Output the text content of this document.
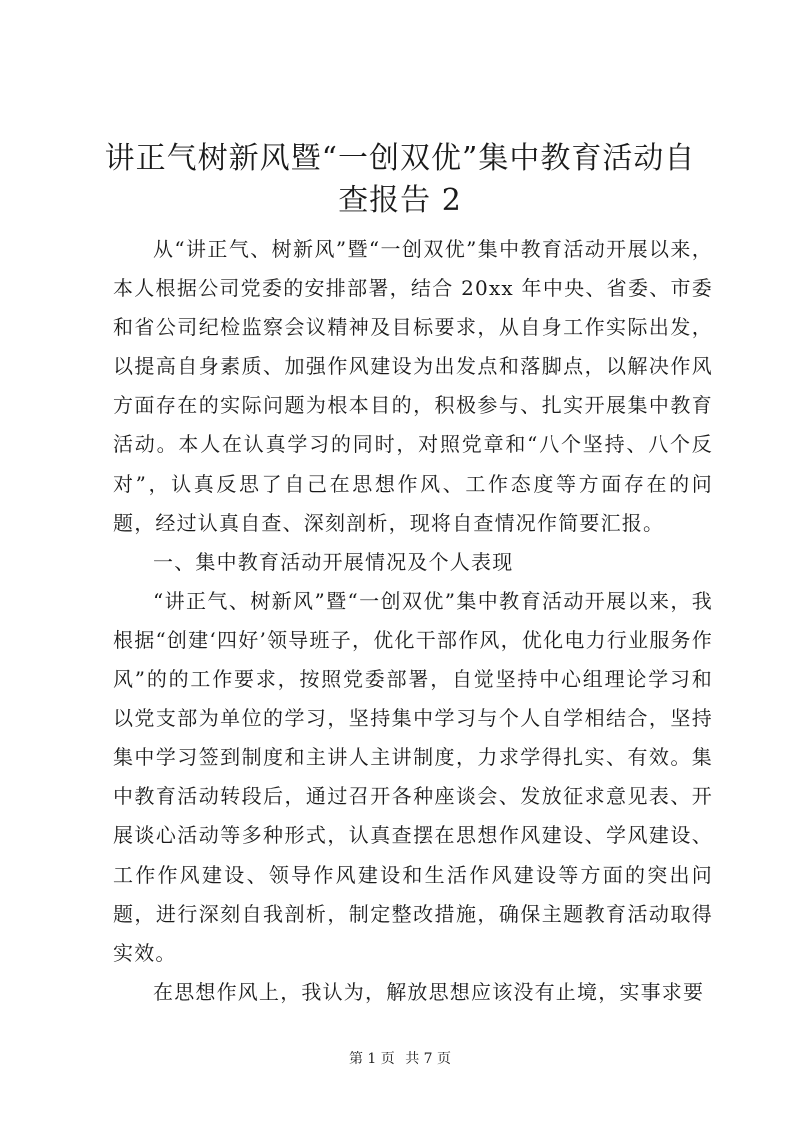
讲正气树新风暨“一创双优”集中教育活动自查报告 2

从“讲正气、树新风”暨“一创双优”集中教育活动开展以来，本人根据公司党委的安排部署，结合 20xx 年中央、省委、市委和省公司纪检监察会议精神及目标要求，从自身工作实际出发，以提高自身素质、加强作风建设为出发点和落脚点，以解决作风方面存在的实际问题为根本目的，积极参与、扎实开展集中教育活动。本人在认真学习的同时，对照党章和“八个坚持、八个反对”，认真反思了自己在思想作风、工作态度等方面存在的问题，经过认真自查、深刻剖析，现将自查情况作简要汇报。

一、集中教育活动开展情况及个人表现

“讲正气、树新风”暨“一创双优”集中教育活动开展以来，我根据“创建‘四好’领导班子，优化干部作风，优化电力行业服务作风”的的工作要求，按照党委部署，自觉坚持中心组理论学习和以党支部为单位的学习，坚持集中学习与个人自学相结合，坚持集中学习签到制度和主讲人主讲制度，力求学得扎实、有效。集中教育活动转段后，通过召开各种座谈会、发放征求意见表、开展谈心活动等多种形式，认真查摆在思想作风建设、学风建设、工作作风建设、领导作风建设和生活作风建设等方面的突出问题，进行深刻自我剖析，制定整改措施，确保主题教育活动取得实效。

在思想作风上，我认为，解放思想应该没有止境，实事求要

第 1 页 共 7 页
